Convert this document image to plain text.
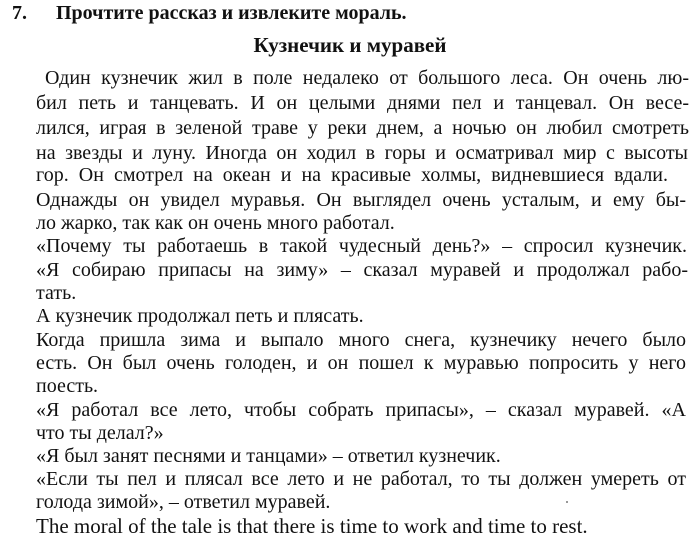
7.	Прочтите рассказ и извлеките мораль.
Кузнечик и муравей
Один кузнечик жил в поле недалеко от большого леса. Он очень лю-
бил петь и танцевать. И он целыми днями пел и танцевал. Он весе-
лился, играя в зеленой траве у реки днем, а ночью он любил смотреть
на звезды и луну. Иногда он ходил в горы и осматривал мир с высоты
гор. Он смотрел на океан и на красивые холмы, видневшиеся вдали.
Однажды он увидел муравья. Он выглядел очень усталым, и ему бы-
ло жарко, так как он очень много работал.
«Почему ты работаешь в такой чудесный день?» – спросил кузнечик.
«Я собираю припасы на зиму» – сказал муравей и продолжал рабо-
тать.
А кузнечик продолжал петь и плясать.
Когда пришла зима и выпало много снега, кузнечику нечего было
есть. Он был очень голоден, и он пошел к муравью попросить у него
поесть.
«Я работал все лето, чтобы собрать припасы», – сказал муравей. «А
что ты делал?»
«Я был занят песнями и танцами» – ответил кузнечик.
«Если ты пел и плясал все лето и не работал, то ты должен умереть от
голода зимой», – ответил муравей.
The moral of the tale is that there is time to work and time to rest.
